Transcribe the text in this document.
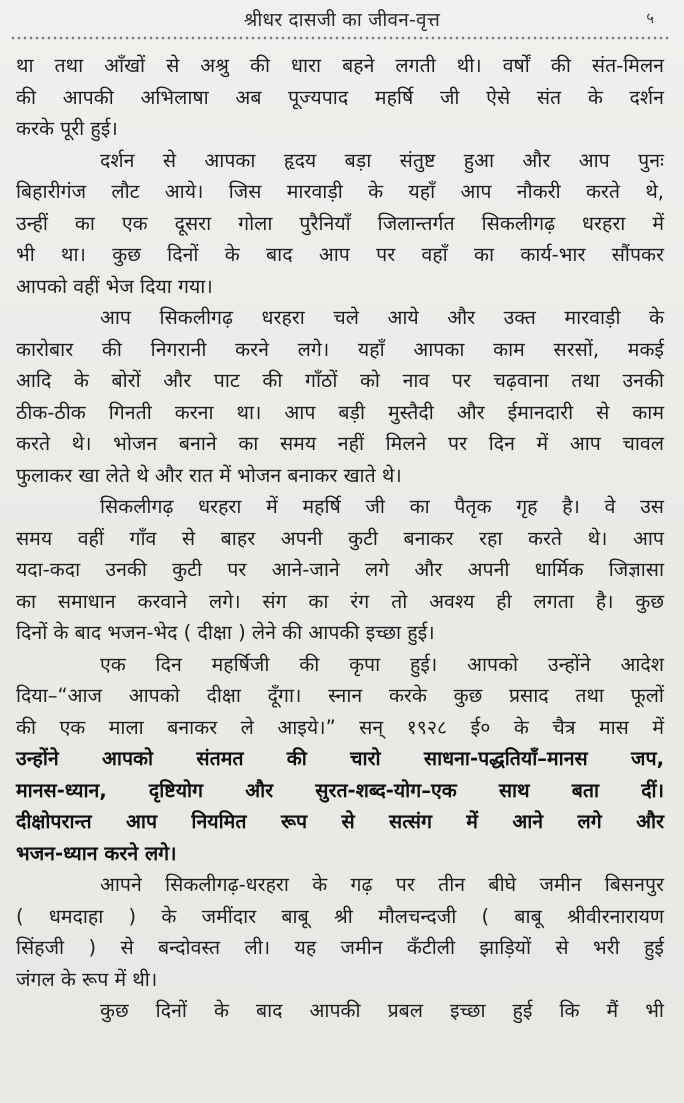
श्रीधर दासजी का जीवन-वृत्त	५
था तथा आँखों से अश्रु की धारा बहने लगती थी। वर्षों की संत-मिलन
की आपकी अभिलाषा अब पूज्यपाद महर्षि जी ऐसे संत के दर्शन
करके पूरी हुई।
दर्शन से आपका हृदय बड़ा संतुष्ट हुआ और आप पुनः
बिहारीगंज लौट आये। जिस मारवाड़ी के यहाँ आप नौकरी करते थे,
उन्हीं का एक दूसरा गोला पुरैनियाँ जिलान्तर्गत सिकलीगढ़ धरहरा में
भी था। कुछ दिनों के बाद आप पर वहाँ का कार्य-भार सौंपकर
आपको वहीं भेज दिया गया।
आप सिकलीगढ़ धरहरा चले आये और उक्त मारवाड़ी के
कारोबार की निगरानी करने लगे। यहाँ आपका काम सरसों, मकई
आदि के बोरों और पाट की गाँठों को नाव पर चढ़वाना तथा उनकी
ठीक-ठीक गिनती करना था। आप बड़ी मुस्तैदी और ईमानदारी से काम
करते थे। भोजन बनाने का समय नहीं मिलने पर दिन में आप चावल
फुलाकर खा लेते थे और रात में भोजन बनाकर खाते थे।
सिकलीगढ़ धरहरा में महर्षि जी का पैतृक गृह है। वे उस
समय वहीं गाँव से बाहर अपनी कुटी बनाकर रहा करते थे। आप
यदा-कदा उनकी कुटी पर आने-जाने लगे और अपनी धार्मिक जिज्ञासा
का समाधान करवाने लगे। संग का रंग तो अवश्य ही लगता है। कुछ
दिनों के बाद भजन-भेद ( दीक्षा ) लेने की आपकी इच्छा हुई।
एक दिन महर्षिजी की कृपा हुई। आपको उन्होंने आदेश
दिया–“आज आपको दीक्षा दूँगा। स्नान करके कुछ प्रसाद तथा फूलों
की एक माला बनाकर ले आइये।” सन् १९२८ ई० के चैत्र मास में
उन्होंने आपको संतमत की चारो साधना-पद्धतियाँ–मानस जप,
मानस-ध्यान, दृष्टियोग और सुरत-शब्द-योग–एक साथ बता दीं।
दीक्षोपरान्त आप नियमित रूप से सत्संग में आने लगे और
भजन-ध्यान करने लगे।
आपने सिकलीगढ़-धरहरा के गढ़ पर तीन बीघे जमीन बिसनपुर
( धमदाहा ) के जमींदार बाबू श्री मौलचन्दजी ( बाबू श्रीवीरनारायण
सिंहजी ) से बन्दोवस्त ली। यह जमीन कँटीली झाड़ियों से भरी हुई
जंगल के रूप में थी।
कुछ दिनों के बाद आपकी प्रबल इच्छा हुई कि मैं भी
